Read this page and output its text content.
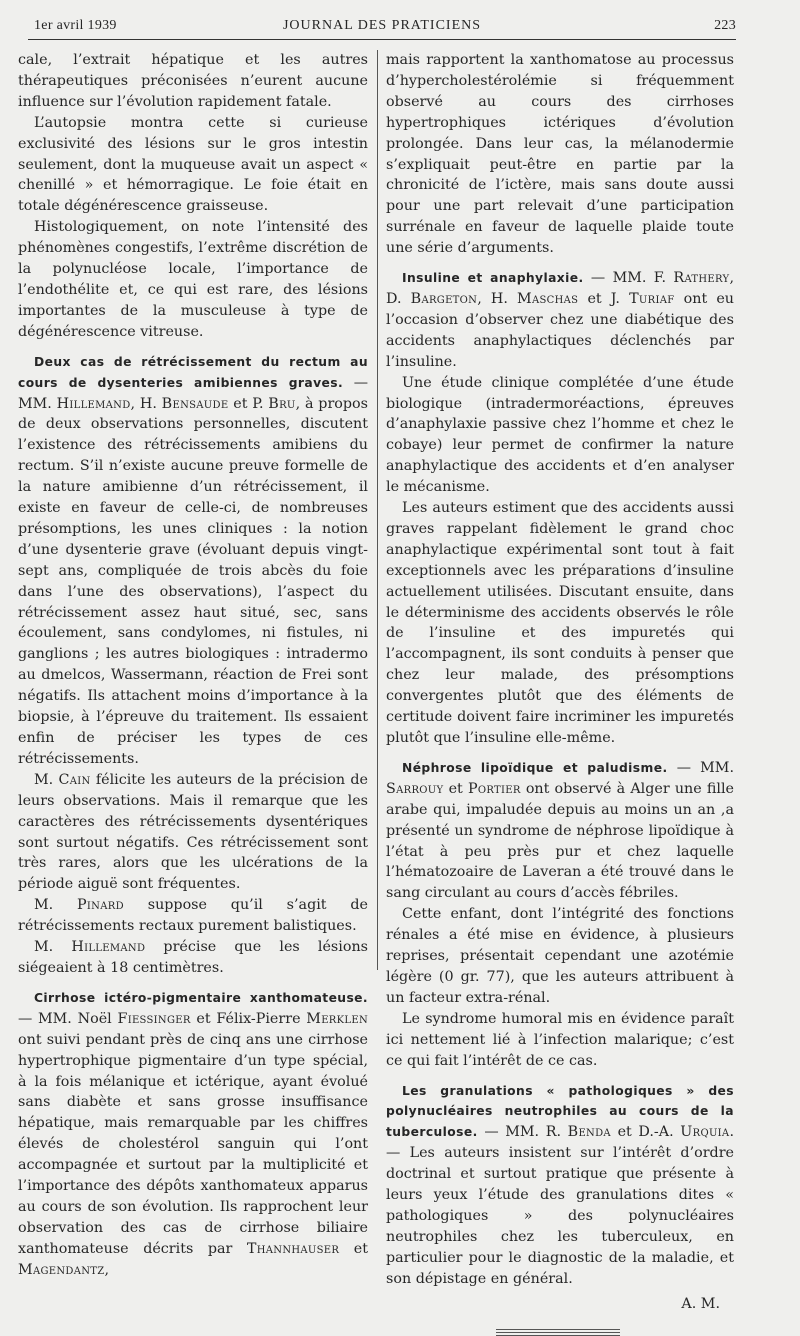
1er avril 1939	JOURNAL DES PRATICIENS	223

cale, l’extrait hépatique et les autres thérapeutiques préconisées n’eurent aucune influence sur l’évolution rapidement fatale.

L’autopsie montra cette si curieuse exclusivité des lésions sur le gros intestin seulement, dont la muqueuse avait un aspect « chenillé » et hémorragique. Le foie était en totale dégénérescence graisseuse.

Histologiquement, on note l’intensité des phénomènes congestifs, l’extrême discrétion de la polynucléose locale, l’importance de l’endothélite et, ce qui est rare, des lésions importantes de la musculeuse à type de dégénérescence vitreuse.

Deux cas de rétrécissement du rectum au cours de dysenteries amibiennes graves. — MM. Hillemand, H. Bensaude et P. Bru, à propos de deux observations personnelles, discutent l’existence des rétrécissements amibiens du rectum. S’il n’existe aucune preuve formelle de la nature amibienne d’un rétrécissement, il existe en faveur de celle-ci, de nombreuses présomptions, les unes cliniques : la notion d’une dysenterie grave (évoluant depuis vingt-sept ans, compliquée de trois abcès du foie dans l’une des observations), l’aspect du rétrécissement assez haut situé, sec, sans écoulement, sans condylomes, ni fistules, ni ganglions ; les autres biologiques : intradermo au dmelcos, Wassermann, réaction de Frei sont négatifs. Ils attachent moins d’importance à la biopsie, à l’épreuve du traitement. Ils essaient enfin de préciser les types de ces rétrécissements.

M. Cain félicite les auteurs de la précision de leurs observations. Mais il remarque que les caractères des rétrécissements dysentériques sont surtout négatifs. Ces rétrécissement sont très rares, alors que les ulcérations de la période aiguë sont fréquentes.

M. Pinard suppose qu’il s’agit de rétrécissements rectaux purement balistiques.

M. Hillemand précise que les lésions siégeaient à 18 centimètres.

Cirrhose ictéro-pigmentaire xanthomateuse. — MM. Noël Fiessinger et Félix-Pierre Merklen ont suivi pendant près de cinq ans une cirrhose hypertrophique pigmentaire d’un type spécial, à la fois mélanique et ictérique, ayant évolué sans diabète et sans grosse insuffisance hépatique, mais remarquable par les chiffres élevés de cholestérol sanguin qui l’ont accompagnée et surtout par la multiplicité et l’importance des dépôts xanthomateux apparus au cours de son évolution. Ils rapprochent leur observation des cas de cirrhose biliaire xanthomateuse décrits par Thannhauser et Magendantz,

mais rapportent la xanthomatose au processus d’hypercholestérolémie si fréquemment observé au cours des cirrhoses hypertrophiques ictériques d’évolution prolongée. Dans leur cas, la mélanodermie s’expliquait peut-être en partie par la chronicité de l’ictère, mais sans doute aussi pour une part relevait d’une participation surrénale en faveur de laquelle plaide toute une série d’arguments.

Insuline et anaphylaxie. — MM. F. Rathery, D. Bargeton, H. Maschas et J. Turiaf ont eu l’occasion d’observer chez une diabétique des accidents anaphylactiques déclenchés par l’insuline.

Une étude clinique complétée d’une étude biologique (intradermoréactions, épreuves d’anaphylaxie passive chez l’homme et chez le cobaye) leur permet de confirmer la nature anaphylactique des accidents et d’en analyser le mécanisme.

Les auteurs estiment que des accidents aussi graves rappelant fidèlement le grand choc anaphylactique expérimental sont tout à fait exceptionnels avec les préparations d’insuline actuellement utilisées. Discutant ensuite, dans le déterminisme des accidents observés le rôle de l’insuline et des impuretés qui l’accompagnent, ils sont conduits à penser que chez leur malade, des présomptions convergentes plutôt que des éléments de certitude doivent faire incriminer les impuretés plutôt que l’insuline elle-même.

Néphrose lipoïdique et paludisme. — MM. Sarrouy et Portier ont observé à Alger une fille arabe qui, impaludée depuis au moins un an ,a présenté un syndrome de néphrose lipoïdique à l’état à peu près pur et chez laquelle l’hématozoaire de Laveran a été trouvé dans le sang circulant au cours d’accès fébriles.

Cette enfant, dont l’intégrité des fonctions rénales a été mise en évidence, à plusieurs reprises, présentait cependant une azotémie légère (0 gr. 77), que les auteurs attribuent à un facteur extra-rénal.

Le syndrome humoral mis en évidence paraît ici nettement lié à l’infection malarique; c’est ce qui fait l’intérêt de ce cas.

Les granulations « pathologiques » des polynucléaires neutrophiles au cours de la tuberculose. — MM. R. Benda et D.-A. Urquia. — Les auteurs insistent sur l’intérêt d’ordre doctrinal et surtout pratique que présente à leurs yeux l’étude des granulations dites « pathologiques » des polynucléaires neutrophiles chez les tuberculeux, en particulier pour le diagnostic de la maladie, et son dépistage en général.

A. M.
